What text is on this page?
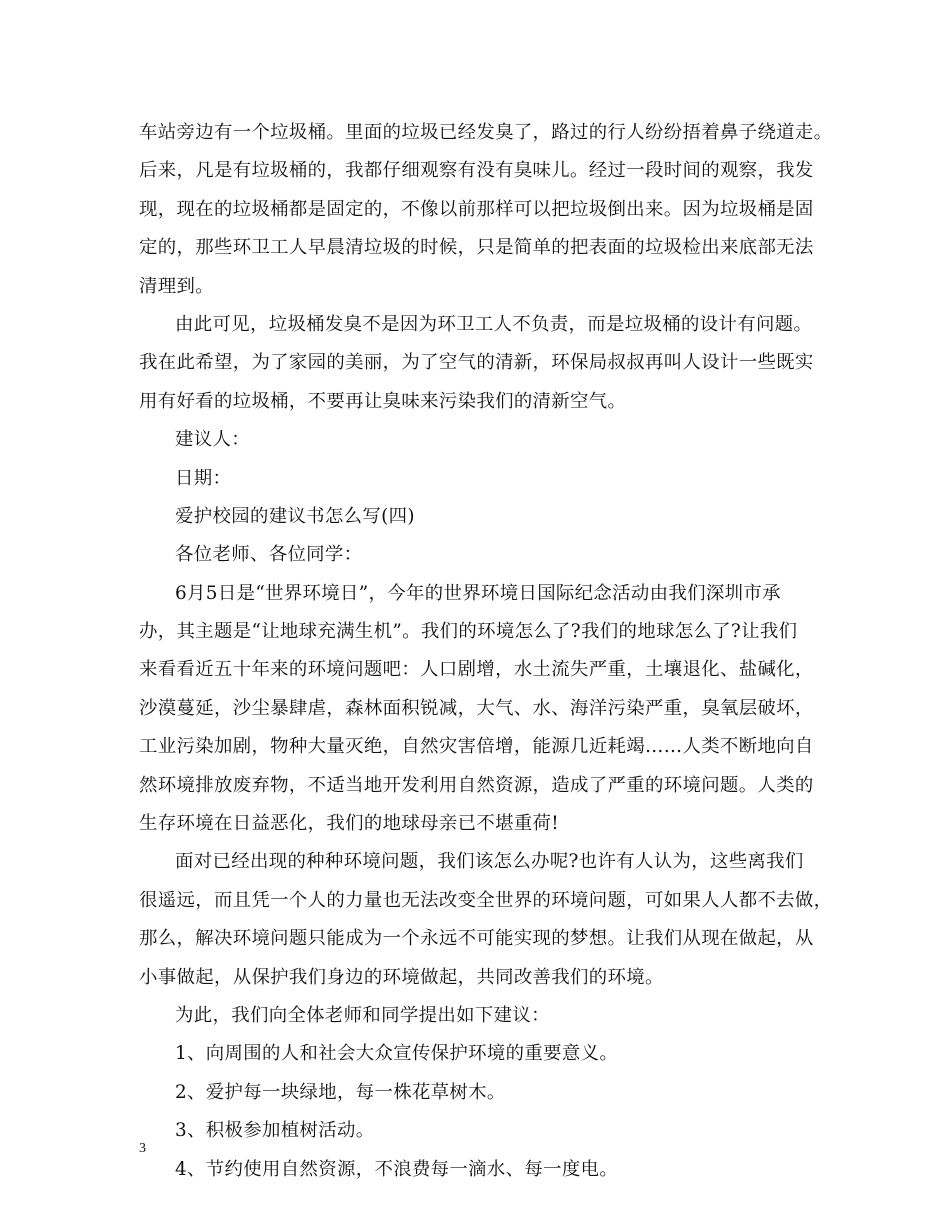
车站旁边有一个垃圾桶。里面的垃圾已经发臭了，路过的行人纷纷捂着鼻子绕道走。
后来，凡是有垃圾桶的，我都仔细观察有没有臭味儿。经过一段时间的观察，我发
现，现在的垃圾桶都是固定的，不像以前那样可以把垃圾倒出来。因为垃圾桶是固
定的，那些环卫工人早晨清垃圾的时候，只是简单的把表面的垃圾检出来底部无法
清理到。
由此可见，垃圾桶发臭不是因为环卫工人不负责，而是垃圾桶的设计有问题。
我在此希望，为了家园的美丽，为了空气的清新，环保局叔叔再叫人设计一些既实
用有好看的垃圾桶，不要再让臭味来污染我们的清新空气。
建议人：
日期：
爱护校园的建议书怎么写(四)
各位老师、各位同学：
6月5日是“世界环境日”，今年的世界环境日国际纪念活动由我们深圳市承
办，其主题是“让地球充满生机”。我们的环境怎么了?我们的地球怎么了?让我们
来看看近五十年来的环境问题吧：人口剧增，水土流失严重，土壤退化、盐碱化，
沙漠蔓延，沙尘暴肆虐，森林面积锐减，大气、水、海洋污染严重，臭氧层破坏，
工业污染加剧，物种大量灭绝，自然灾害倍增，能源几近耗竭……人类不断地向自
然环境排放废弃物，不适当地开发利用自然资源，造成了严重的环境问题。人类的
生存环境在日益恶化，我们的地球母亲已不堪重荷!
面对已经出现的种种环境问题，我们该怎么办呢?也许有人认为，这些离我们
很遥远，而且凭一个人的力量也无法改变全世界的环境问题，可如果人人都不去做，
那么，解决环境问题只能成为一个永远不可能实现的梦想。让我们从现在做起，从
小事做起，从保护我们身边的环境做起，共同改善我们的环境。
为此，我们向全体老师和同学提出如下建议：
1、向周围的人和社会大众宣传保护环境的重要意义。
2、爱护每一块绿地，每一株花草树木。
3、积极参加植树活动。
4、节约使用自然资源，不浪费每一滴水、每一度电。
3
